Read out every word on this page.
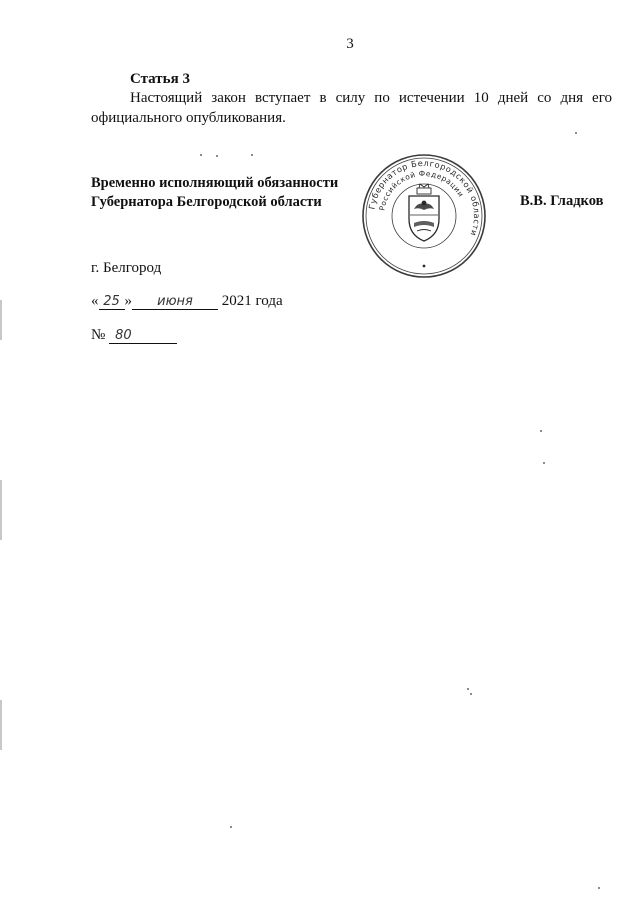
3
Статья 3
Настоящий закон вступает в силу по истечении 10 дней со дня его
официального опубликования.
Временно исполняющий обязанности
Губернатора Белгородской области	Губернатор Белгородской области
Российской Федерации	В.В. Гладков
г. Белгород
« 25 » июня 2021 года
№ 80
